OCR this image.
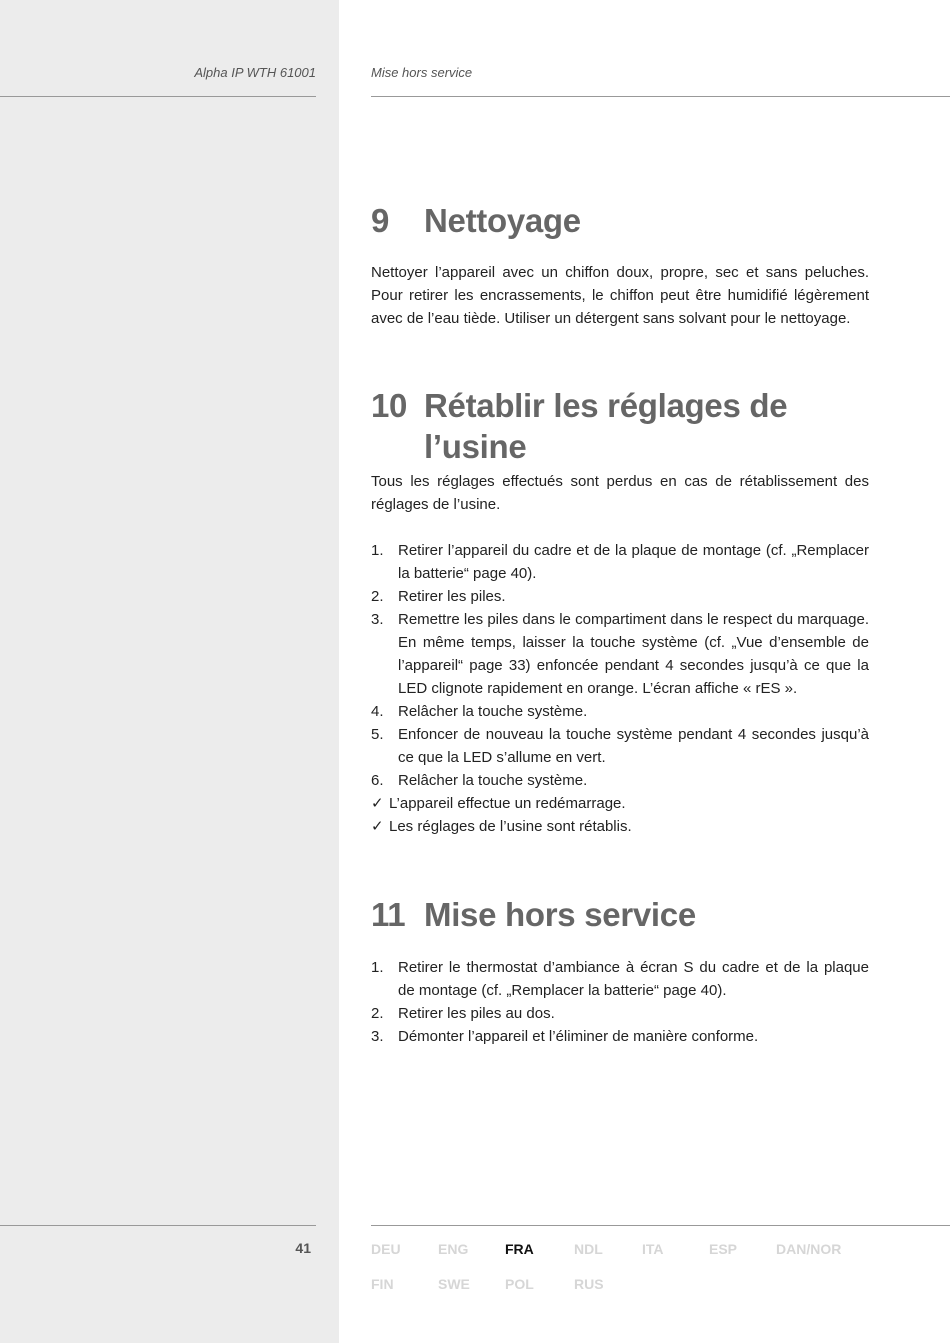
Alpha IP WTH 61001	Mise hors service
9	Nettoyage

Nettoyer l’appareil avec un chiffon doux, propre, sec et sans peluches. Pour retirer les encrassements, le chiffon peut être humidifié légèrement avec de l’eau tiède. Utiliser un détergent sans solvant pour le nettoyage.

10 Rétablir les réglages de l’usine

Tous les réglages effectués sont perdus en cas de rétablissement des réglages de l’usine.

1. Retirer l’appareil du cadre et de la plaque de montage (cf. „Remplacer la batterie“ page 40).
2. Retirer les piles.
3. Remettre les piles dans le compartiment dans le respect du marquage. En même temps, laisser la touche système (cf. „Vue d’ensemble de l’appareil“ page 33) enfoncée pendant 4 secondes jusqu’à ce que la LED clignote rapidement en orange. L’écran affiche « rES ».
4. Relâcher la touche système.
5. Enfoncer de nouveau la touche système pendant 4 secondes jusqu’à ce que la LED s’allume en vert.
6. Relâcher la touche système.
✓ L’appareil effectue un redémarrage.
✓ Les réglages de l’usine sont rétablis.
11 Mise hors service
1. Retirer le thermostat d’ambiance à écran S du cadre et de la plaque de montage (cf. „Remplacer la batterie“ page 40).
2. Retirer les piles au dos.
3. Démonter l’appareil et l’éliminer de manière conforme.
41	DEU	ENG	FRA	NDL	ITA	ESP	DAN/NOR
FIN	SWE	POL	RUS
